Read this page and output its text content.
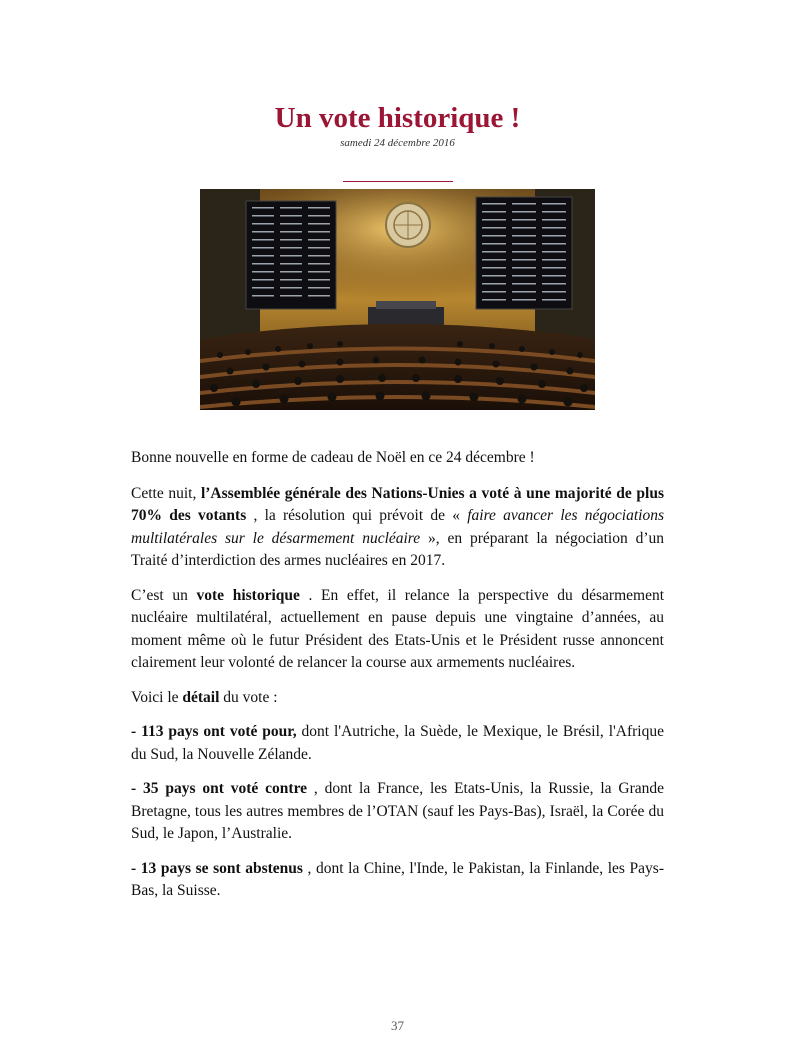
Un vote historique !
samedi 24 décembre 2016

Bonne nouvelle en forme de cadeau de Noël en ce 24 décembre !

Cette nuit, l’Assemblée générale des Nations-Unies a voté à une majorité de plus 70% des votants , la résolution qui prévoit de « faire avancer les négociations multilatérales sur le désarmement nucléaire », en préparant la négociation d’un Traité d’interdiction des armes nucléaires en 2017.

C’est un vote historique . En effet, il relance la perspective du désarmement nucléaire multilatéral, actuellement en pause depuis une vingtaine d’années, au moment même où le futur Président des Etats-Unis et le Président russe annoncent clairement leur volonté de relancer la course aux armements nucléaires.

Voici le détail du vote :

- 113 pays ont voté pour, dont l'Autriche, la Suède, le Mexique, le Brésil, l'Afrique du Sud, la Nouvelle Zélande.

- 35 pays ont voté contre , dont la France, les Etats-Unis, la Russie, la Grande Bretagne, tous les autres membres de l’OTAN (sauf les Pays-Bas), Israël, la Corée du Sud, le Japon, l’Australie.

- 13 pays se sont abstenus , dont la Chine, l'Inde, le Pakistan, la Finlande, les Pays-Bas, la Suisse.

37
